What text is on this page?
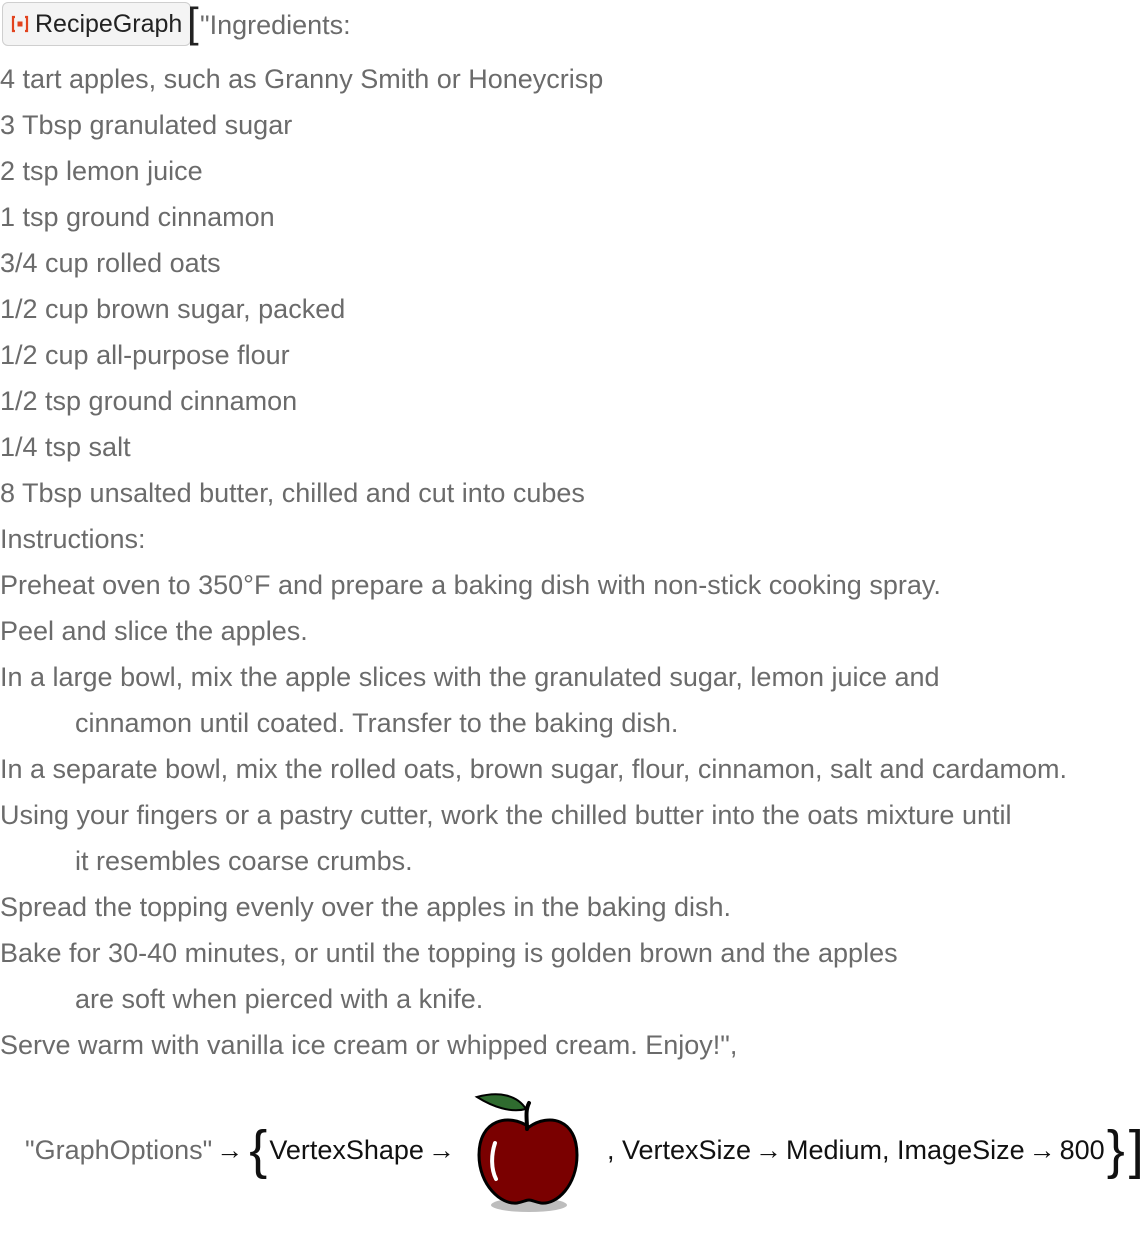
RecipeGraph [ "Ingredients:
4 tart apples, such as Granny Smith or Honeycrisp
3 Tbsp granulated sugar
2 tsp lemon juice
1 tsp ground cinnamon
3/4 cup rolled oats
1/2 cup brown sugar, packed
1/2 cup all-purpose flour
1/2 tsp ground cinnamon
1/4 tsp salt
8 Tbsp unsalted butter, chilled and cut into cubes
Instructions:
Preheat oven to 350°F and prepare a baking dish with non-stick cooking spray.
Peel and slice the apples.
In a large bowl, mix the apple slices with the granulated sugar, lemon juice and
cinnamon until coated. Transfer to the baking dish.
In a separate bowl, mix the rolled oats, brown sugar, flour, cinnamon, salt and cardamom.
Using your fingers or a pastry cutter, work the chilled butter into the oats mixture until
it resembles coarse crumbs.
Spread the topping evenly over the apples in the baking dish.
Bake for 30-40 minutes, or until the topping is golden brown and the apples
are soft when pierced with a knife.
Serve warm with vanilla ice cream or whipped cream. Enjoy!",
"GraphOptions" → { VertexShape →	, VertexSize → Medium , ImageSize → 800 } ]
